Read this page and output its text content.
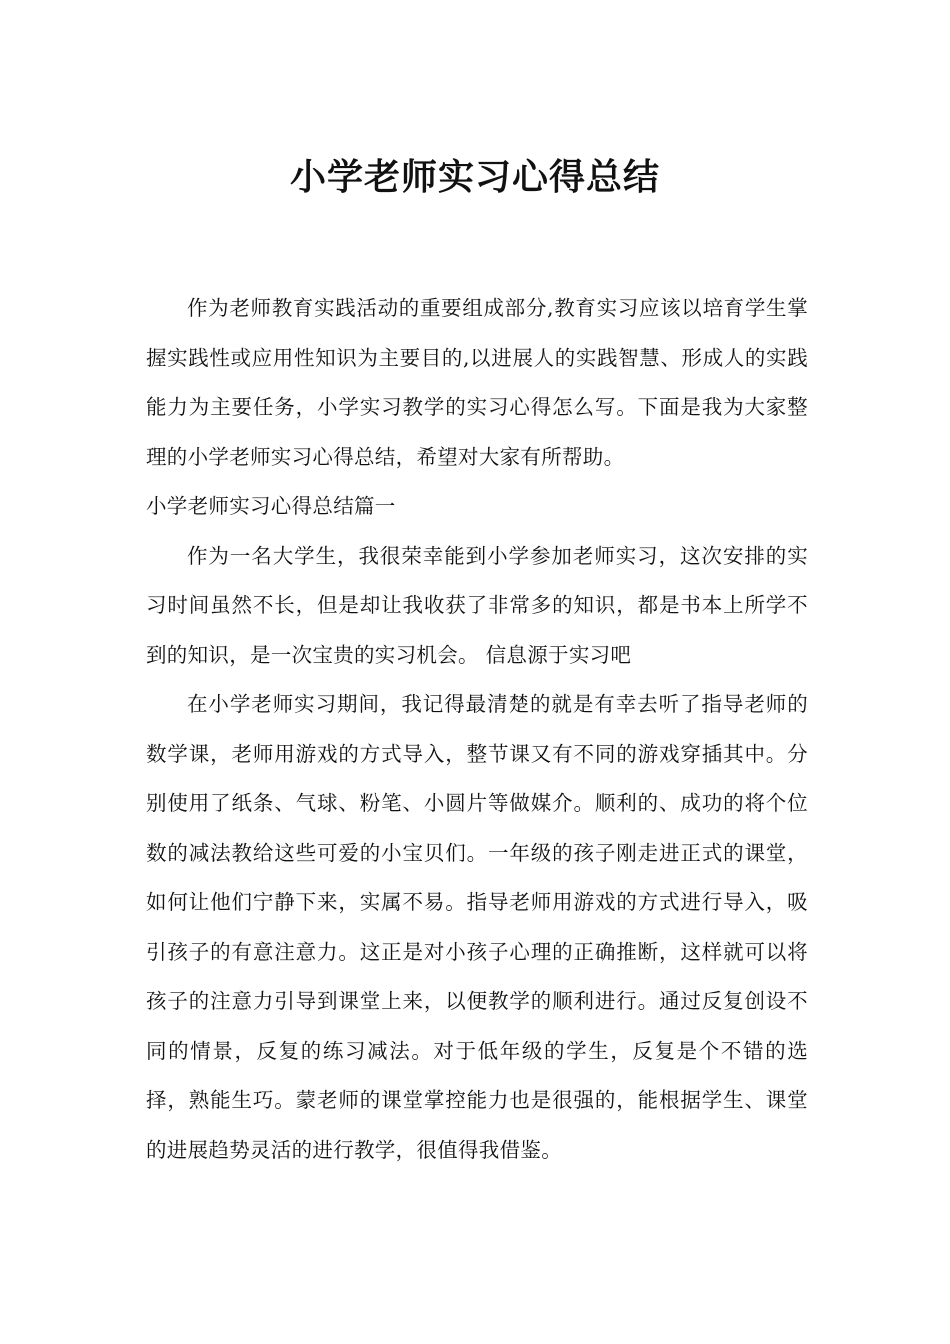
小学老师实习心得总结

作为老师教育实践活动的重要组成部分,教育实习应该以培育学生掌握实践性或应用性知识为主要目的,以进展人的实践智慧、形成人的实践能力为主要任务，小学实习教学的实习心得怎么写。下面是我为大家整理的小学老师实习心得总结，希望对大家有所帮助。

小学老师实习心得总结篇一

作为一名大学生，我很荣幸能到小学参加老师实习，这次安排的实习时间虽然不长，但是却让我收获了非常多的知识，都是书本上所学不到的知识，是一次宝贵的实习机会。 信息源于实习吧

在小学老师实习期间，我记得最清楚的就是有幸去听了指导老师的数学课，老师用游戏的方式导入，整节课又有不同的游戏穿插其中。分别使用了纸条、气球、粉笔、小圆片等做媒介。顺利的、成功的将个位数的减法教给这些可爱的小宝贝们。一年级的孩子刚走进正式的课堂，如何让他们宁静下来，实属不易。指导老师用游戏的方式进行导入，吸引孩子的有意注意力。这正是对小孩子心理的正确推断，这样就可以将孩子的注意力引导到课堂上来，以便教学的顺利进行。通过反复创设不同的情景，反复的练习减法。对于低年级的学生，反复是个不错的选择，熟能生巧。蒙老师的课堂掌控能力也是很强的，能根据学生、课堂的进展趋势灵活的进行教学，很值得我借鉴。
